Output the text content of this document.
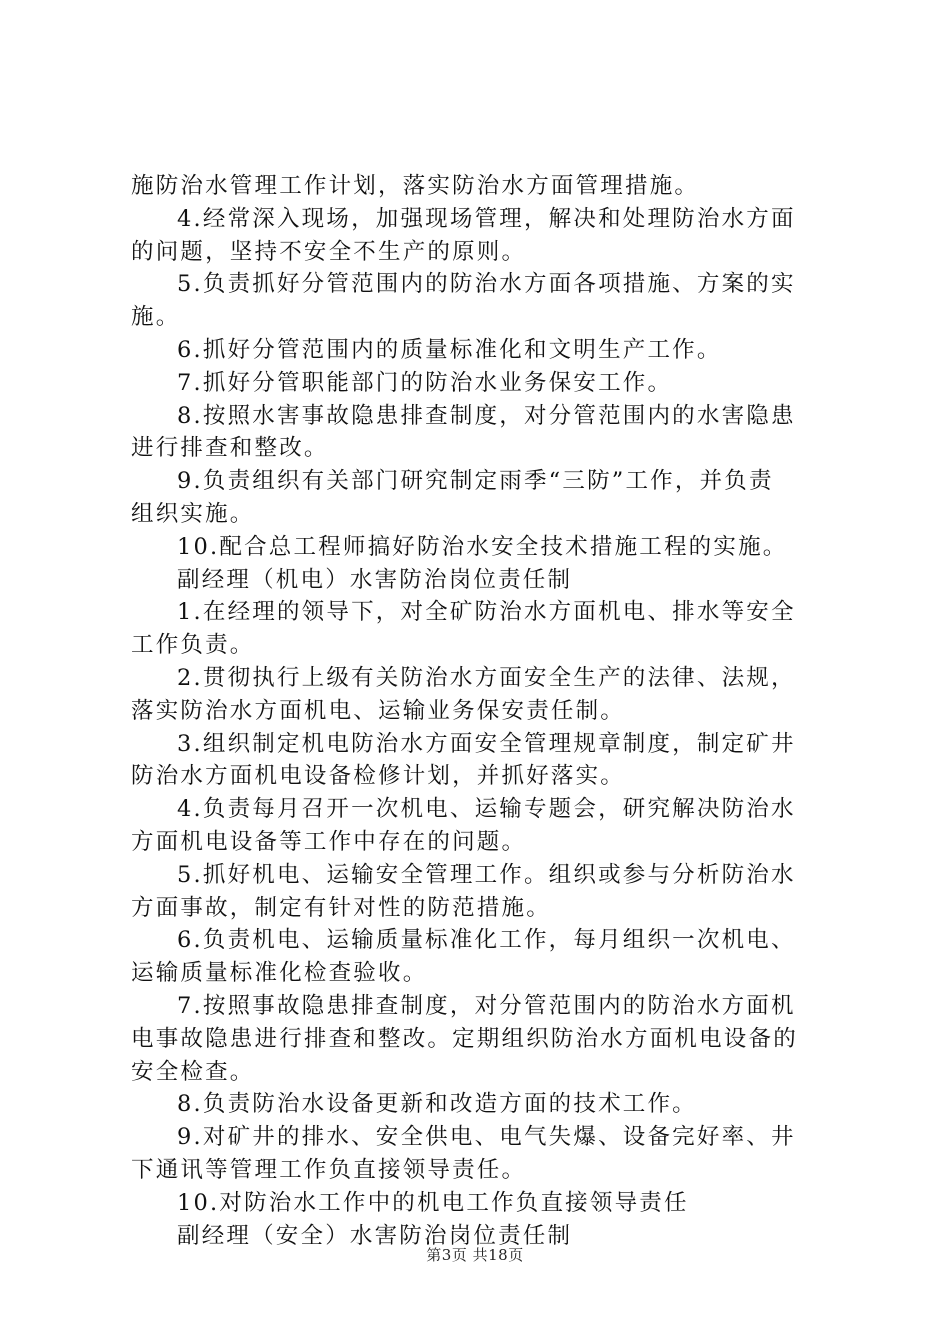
施防治水管理工作计划，落实防治水方面管理措施。
4.经常深入现场，加强现场管理，解决和处理防治水方面
的问题，坚持不安全不生产的原则。
5.负责抓好分管范围内的防治水方面各项措施、方案的实
施。
6.抓好分管范围内的质量标准化和文明生产工作。
7.抓好分管职能部门的防治水业务保安工作。
8.按照水害事故隐患排查制度，对分管范围内的水害隐患
进行排查和整改。
9.负责组织有关部门研究制定雨季“三防”工作，并负责
组织实施。
10.配合总工程师搞好防治水安全技术措施工程的实施。
副经理（机电）水害防治岗位责任制
1.在经理的领导下，对全矿防治水方面机电、排水等安全
工作负责。
2.贯彻执行上级有关防治水方面安全生产的法律、法规，
落实防治水方面机电、运输业务保安责任制。
3.组织制定机电防治水方面安全管理规章制度，制定矿井
防治水方面机电设备检修计划，并抓好落实。
4.负责每月召开一次机电、运输专题会，研究解决防治水
方面机电设备等工作中存在的问题。
5.抓好机电、运输安全管理工作。组织或参与分析防治水
方面事故，制定有针对性的防范措施。
6.负责机电、运输质量标准化工作，每月组织一次机电、
运输质量标准化检查验收。
7.按照事故隐患排查制度，对分管范围内的防治水方面机
电事故隐患进行排查和整改。定期组织防治水方面机电设备的
安全检查。
8.负责防治水设备更新和改造方面的技术工作。
9.对矿井的排水、安全供电、电气失爆、设备完好率、井
下通讯等管理工作负直接领导责任。
10.对防治水工作中的机电工作负直接领导责任
副经理（安全）水害防治岗位责任制
第3页 共18页
